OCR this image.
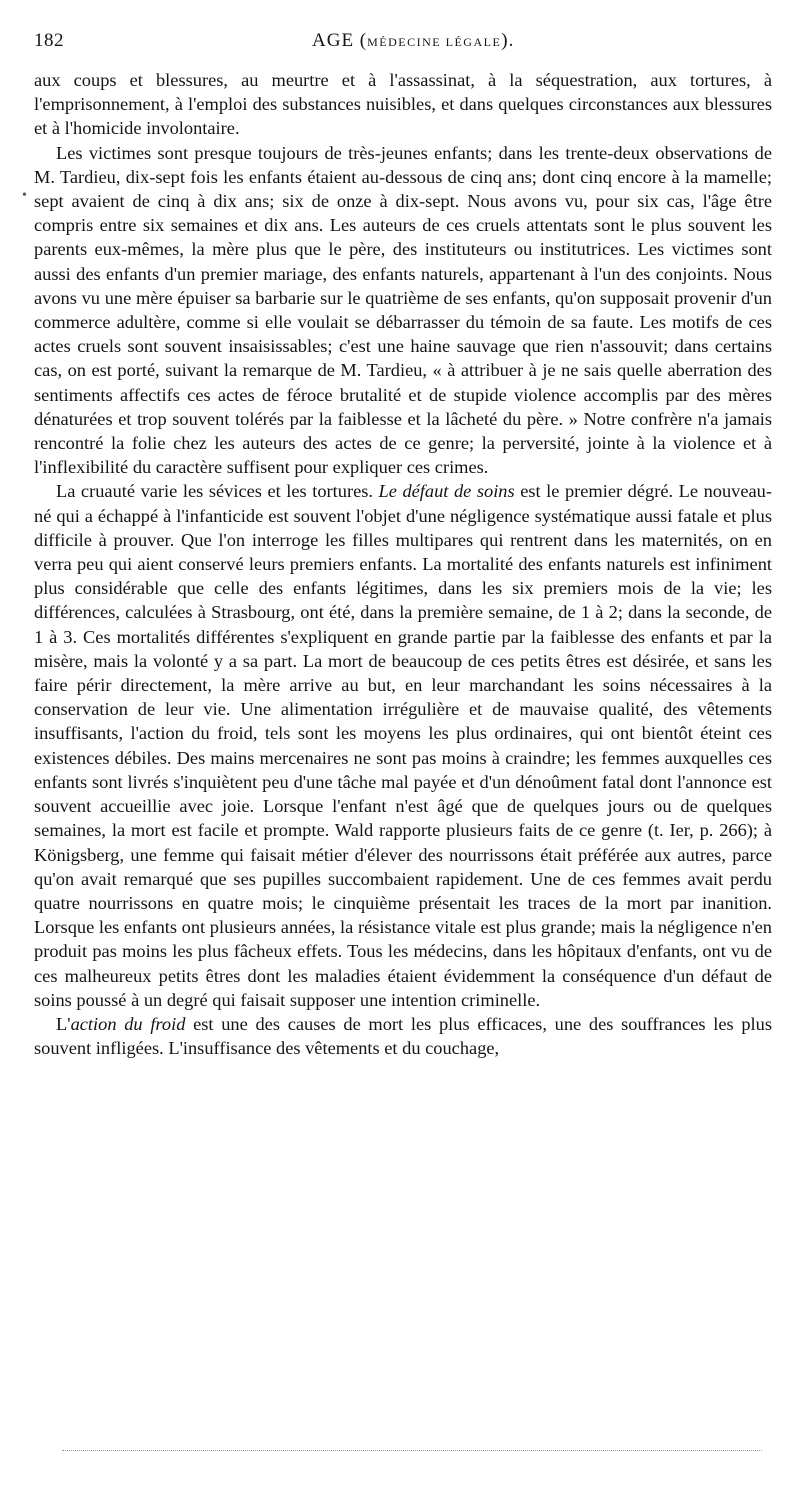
182	AGE (MÉDECINE LÉGALE).

aux coups et blessures, au meurtre et à l'assassinat, à la séquestration, aux tortures, à l'emprisonnement, à l'emploi des substances nuisibles, et dans quelques circonstances aux blessures et à l'homicide involontaire.

Les victimes sont presque toujours de très-jeunes enfants; dans les trente-deux observations de M. Tardieu, dix-sept fois les enfants étaient au-dessous de cinq ans; dont cinq encore à la mamelle; sept avaient de cinq à dix ans; six de onze à dix-sept. Nous avons vu, pour six cas, l'âge être compris entre six semaines et dix ans. Les auteurs de ces cruels attentats sont le plus souvent les parents eux-mêmes, la mère plus que le père, des instituteurs ou institutrices. Les victimes sont aussi des enfants d'un premier mariage, des enfants naturels, appartenant à l'un des conjoints. Nous avons vu une mère épuiser sa barbarie sur le quatrième de ses enfants, qu'on supposait provenir d'un commerce adultère, comme si elle voulait se débarrasser du témoin de sa faute. Les motifs de ces actes cruels sont souvent insaisissables; c'est une haine sauvage que rien n'assouvit; dans certains cas, on est porté, suivant la remarque de M. Tardieu, « à attribuer à je ne sais quelle aberration des sentiments affectifs ces actes de féroce brutalité et de stupide violence accomplis par des mères dénaturées et trop souvent tolérés par la faiblesse et la lâcheté du père. » Notre confrère n'a jamais rencontré la folie chez les auteurs des actes de ce genre; la perversité, jointe à la violence et à l'inflexibilité du caractère suffisent pour expliquer ces crimes.

La cruauté varie les sévices et les tortures. Le défaut de soins est le premier dégré. Le nouveau-né qui a échappé à l'infanticide est souvent l'objet d'une négligence systématique aussi fatale et plus difficile à prouver. Que l'on interroge les filles multipares qui rentrent dans les maternités, on en verra peu qui aient conservé leurs premiers enfants. La mortalité des enfants naturels est infiniment plus considérable que celle des enfants légitimes, dans les six premiers mois de la vie; les différences, calculées à Strasbourg, ont été, dans la première semaine, de 1 à 2; dans la seconde, de 1 à 3. Ces mortalités différentes s'expliquent en grande partie par la faiblesse des enfants et par la misère, mais la volonté y a sa part. La mort de beaucoup de ces petits êtres est désirée, et sans les faire périr directement, la mère arrive au but, en leur marchandant les soins nécessaires à la conservation de leur vie. Une alimentation irrégulière et de mauvaise qualité, des vêtements insuffisants, l'action du froid, tels sont les moyens les plus ordinaires, qui ont bientôt éteint ces existences débiles. Des mains mercenaires ne sont pas moins à craindre; les femmes auxquelles ces enfants sont livrés s'inquiètent peu d'une tâche mal payée et d'un dénoûment fatal dont l'annonce est souvent accueillie avec joie. Lorsque l'enfant n'est âgé que de quelques jours ou de quelques semaines, la mort est facile et prompte. Wald rapporte plusieurs faits de ce genre (t. Ier, p. 266); à Königsberg, une femme qui faisait métier d'élever des nourrissons était préférée aux autres, parce qu'on avait remarqué que ses pupilles succombaient rapidement. Une de ces femmes avait perdu quatre nourrissons en quatre mois; le cinquième présentait les traces de la mort par inanition. Lorsque les enfants ont plusieurs années, la résistance vitale est plus grande; mais la négligence n'en produit pas moins les plus fâcheux effets. Tous les médecins, dans les hôpitaux d'enfants, ont vu de ces malheureux petits êtres dont les maladies étaient évidemment la conséquence d'un défaut de soins poussé à un degré qui faisait supposer une intention criminelle.

L'action du froid est une des causes de mort les plus efficaces, une des souffrances les plus souvent infligées. L'insuffisance des vêtements et du couchage,

•
